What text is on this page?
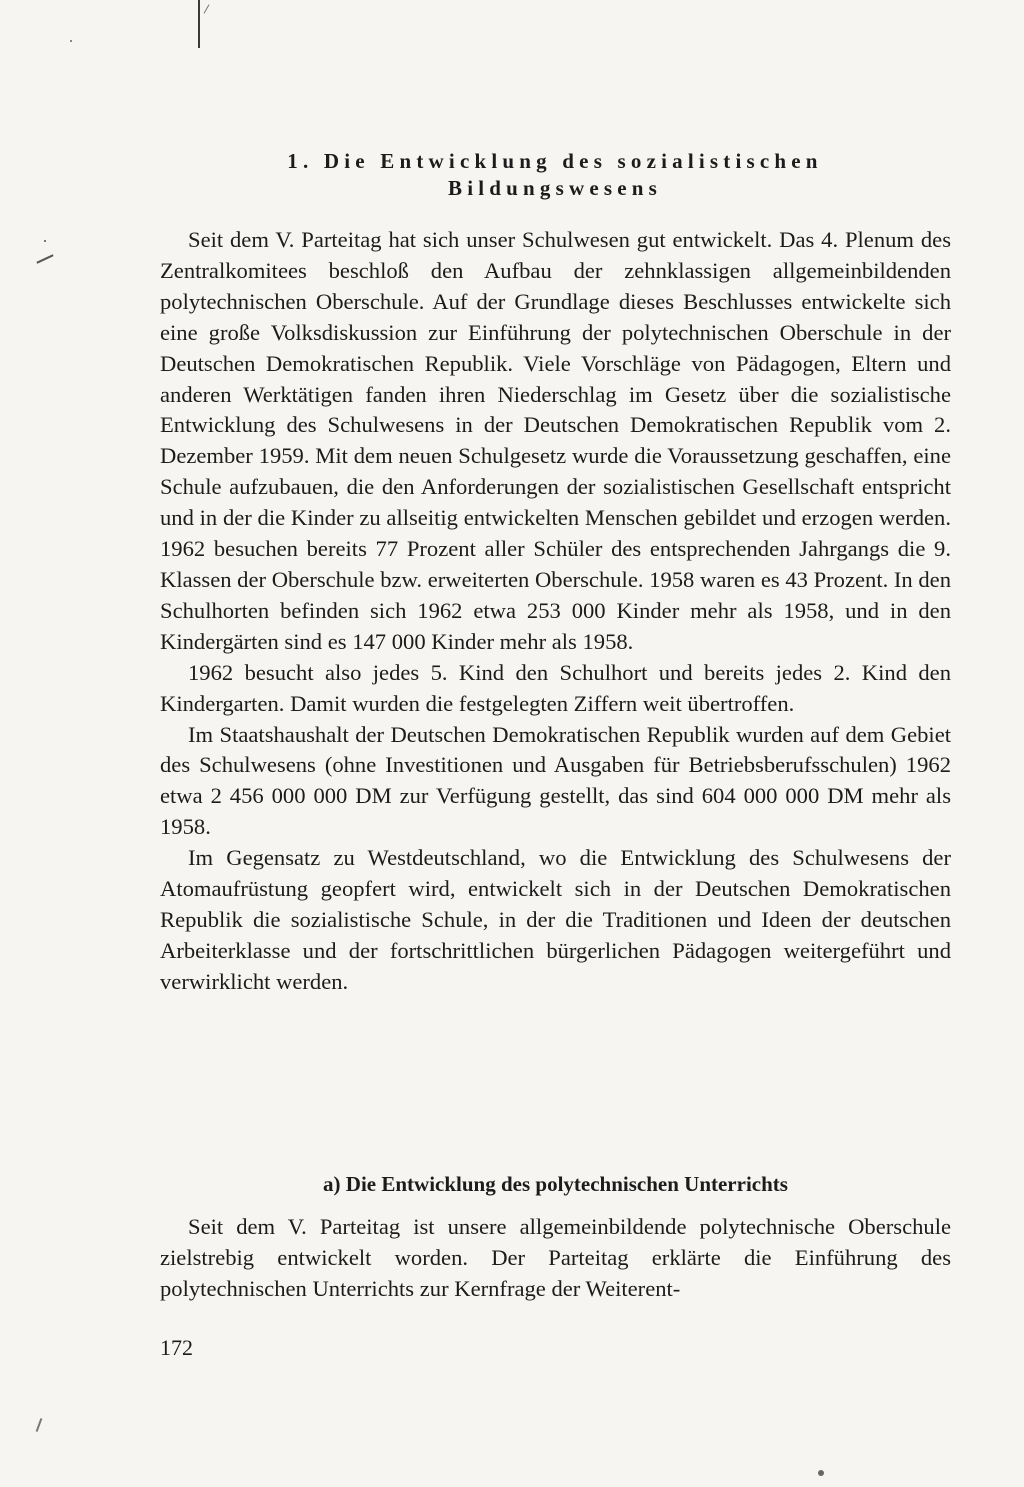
1. Die Entwicklung des sozialistischen
Bildungswesens

Seit dem V. Parteitag hat sich unser Schulwesen gut entwickelt. Das 4. Plenum des Zentralkomitees beschloß den Aufbau der zehnklassigen allgemeinbildenden polytechnischen Oberschule. Auf der Grundlage dieses Beschlusses entwickelte sich eine große Volksdiskussion zur Einführung der polytechnischen Oberschule in der Deutschen Demokratischen Republik. Viele Vorschläge von Pädagogen, Eltern und anderen Werktätigen fanden ihren Niederschlag im Gesetz über die sozialistische Entwicklung des Schulwesens in der Deutschen Demokratischen Republik vom 2. Dezember 1959. Mit dem neuen Schulgesetz wurde die Voraussetzung geschaffen, eine Schule aufzubauen, die den Anforderungen der sozialistischen Gesellschaft entspricht und in der die Kinder zu allseitig entwickelten Menschen gebildet und erzogen werden. 1962 besuchen bereits 77 Prozent aller Schüler des entsprechenden Jahrgangs die 9. Klassen der Oberschule bzw. erweiterten Oberschule. 1958 waren es 43 Prozent. In den Schulhorten befinden sich 1962 etwa 253 000 Kinder mehr als 1958, und in den Kindergärten sind es 147 000 Kinder mehr als 1958.

1962 besucht also jedes 5. Kind den Schulhort und bereits jedes 2. Kind den Kindergarten. Damit wurden die festgelegten Ziffern weit übertroffen.

Im Staatshaushalt der Deutschen Demokratischen Republik wurden auf dem Gebiet des Schulwesens (ohne Investitionen und Ausgaben für Betriebsberufsschulen) 1962 etwa 2 456 000 000 DM zur Verfügung gestellt, das sind 604 000 000 DM mehr als 1958.

Im Gegensatz zu Westdeutschland, wo die Entwicklung des Schulwesens der Atomaufrüstung geopfert wird, entwickelt sich in der Deutschen Demokratischen Republik die sozialistische Schule, in der die Traditionen und Ideen der deutschen Arbeiterklasse und der fortschrittlichen bürgerlichen Pädagogen weitergeführt und verwirklicht werden.

a) Die Entwicklung des polytechnischen Unterrichts

Seit dem V. Parteitag ist unsere allgemeinbildende polytechnische Oberschule zielstrebig entwickelt worden. Der Parteitag erklärte die Einführung des polytechnischen Unterrichts zur Kernfrage der Weiterent-

172
